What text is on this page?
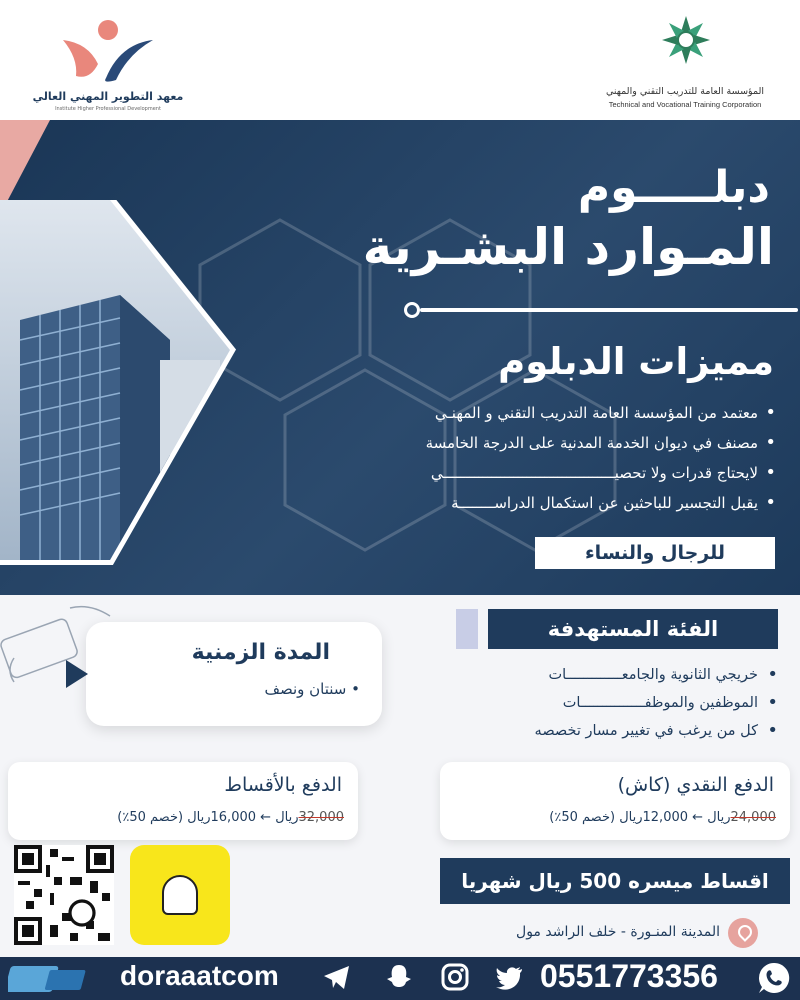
معهد التطوير المهني العالي
Institute Higher Professional Development
المؤسسة العامة للتدريب التقني والمهني
Technical and Vocational Training Corporation
دبلـــــوم
المـوارد البشـرية
مميزات الدبلوم
• معتمد من المؤسسة العامة التدريب التقني و المهنـي
• مصنف في ديوان الخدمة المدنية على الدرجة الخامسة
• لايحتاج قدرات ولا تحصيـــــــــــــــــــــــــــــــــــــــي
• يقبل التجسير للباحثين عن استكمال الدراســــــــة
للرجال والنساء
الفئة المستهدفة
• خريجي الثانوية والجامعـــــــــــــات
• الموظفين والموظفـــــــــــــــات
• كل من يرغب في تغيير مسار تخصصه
المدة الزمنية
• سنتان ونصف
الدفع بالأقساط
32,000ريال ← 16,000ريال (خصم 50٪)
الدفع النقدي (كاش)
24,000ريال ← 12,000ريال (خصم 50٪)
اقساط ميسره 500 ريال شهريا
المدينة المنـورة - خلف الراشد مول
doraaatcom	0551773356
